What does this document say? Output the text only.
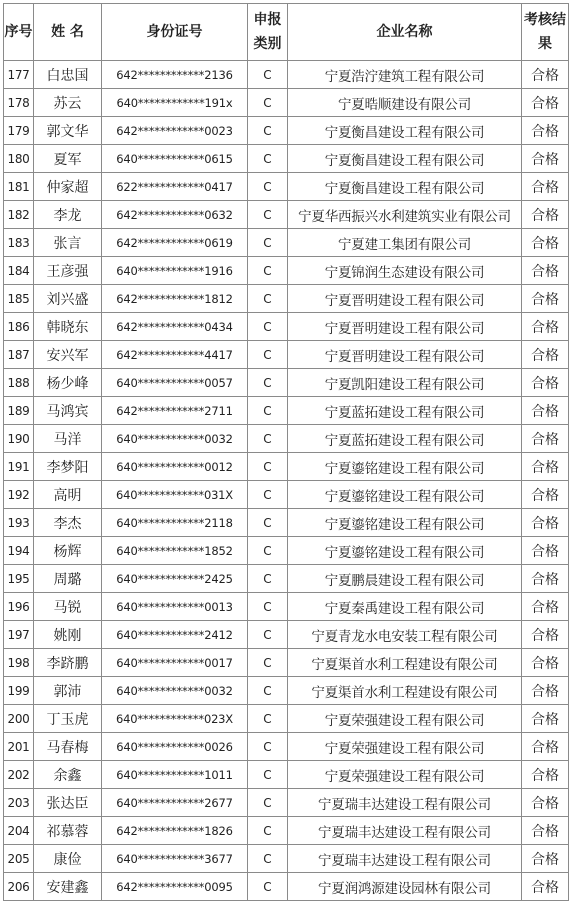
序号	姓 名	身份证号	申报类别	企业名称	考核结果
177	白忠国	642************2136	C	宁夏浩泞建筑工程有限公司	合格
178	苏云	640************191x	C	宁夏晧顺建设有限公司	合格
179	郭文华	642************0023	C	宁夏衡昌建设工程有限公司	合格
180	夏军	640************0615	C	宁夏衡昌建设工程有限公司	合格
181	仲家超	622************0417	C	宁夏衡昌建设工程有限公司	合格
182	李龙	642************0632	C	宁夏华西振兴水利建筑实业有限公司	合格
183	张言	642************0619	C	宁夏建工集团有限公司	合格
184	王彦强	640************1916	C	宁夏锦润生态建设有限公司	合格
185	刘兴盛	642************1812	C	宁夏晋明建设工程有限公司	合格
186	韩晓东	642************0434	C	宁夏晋明建设工程有限公司	合格
187	安兴军	642************4417	C	宁夏晋明建设工程有限公司	合格
188	杨少峰	640************0057	C	宁夏凯阳建设工程有限公司	合格
189	马鸿宾	642************2711	C	宁夏蓝拓建设工程有限公司	合格
190	马洋	640************0032	C	宁夏蓝拓建设工程有限公司	合格
191	李梦阳	640************0012	C	宁夏鎏铭建设工程有限公司	合格
192	高明	640************031X	C	宁夏鎏铭建设工程有限公司	合格
193	李杰	640************2118	C	宁夏鎏铭建设工程有限公司	合格
194	杨辉	640************1852	C	宁夏鎏铭建设工程有限公司	合格
195	周璐	640************2425	C	宁夏鹏晨建设工程有限公司	合格
196	马锐	640************0013	C	宁夏秦禹建设工程有限公司	合格
197	姚刚	640************2412	C	宁夏青龙水电安装工程有限公司	合格
198	李跻鹏	640************0017	C	宁夏渠首水利工程建设有限公司	合格
199	郭沛	640************0032	C	宁夏渠首水利工程建设有限公司	合格
200	丁玉虎	640************023X	C	宁夏荣强建设工程有限公司	合格
201	马春梅	640************0026	C	宁夏荣强建设工程有限公司	合格
202	余鑫	640************1011	C	宁夏荣强建设工程有限公司	合格
203	张达臣	640************2677	C	宁夏瑞丰达建设工程有限公司	合格
204	祁慕蓉	642************1826	C	宁夏瑞丰达建设工程有限公司	合格
205	康俭	640************3677	C	宁夏瑞丰达建设工程有限公司	合格
206	安建鑫	642************0095	C	宁夏润鸿源建设园林有限公司	合格
